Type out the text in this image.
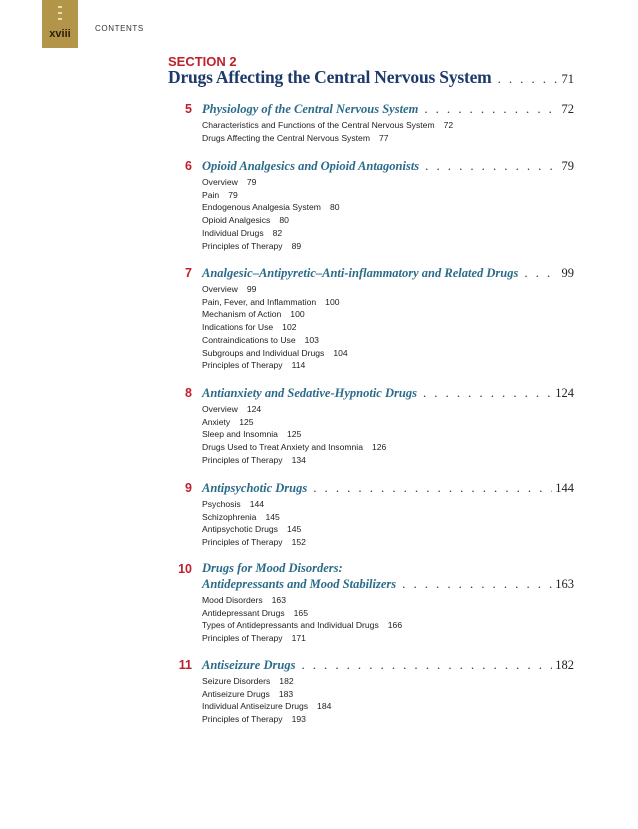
xviii	CONTENTS
SECTION 2
Drugs Affecting the Central Nervous System . . .	71
5 Physiology of the Central Nervous System . . .	72
Characteristics and Functions of the Central Nervous System 72
Drugs Affecting the Central Nervous System 77
6 Opioid Analgesics and Opioid Antagonists . . .	79
Overview 79
Pain 79
Endogenous Analgesia System 80
Opioid Analgesics 80
Individual Drugs 82
Principles of Therapy 89
7 Analgesic–Antipyretic–Anti-inflammatory and Related Drugs . . .	99
Overview 99
Pain, Fever, and Inflammation 100
Mechanism of Action 100
Indications for Use 102
Contraindications to Use 103
Subgroups and Individual Drugs 104
Principles of Therapy 114
8 Antianxiety and Sedative-Hypnotic Drugs . . .	124
Overview 124
Anxiety 125
Sleep and Insomnia 125
Drugs Used to Treat Anxiety and Insomnia 126
Principles of Therapy 134
9 Antipsychotic Drugs . . .	144
Psychosis 144
Schizophrenia 145
Antipsychotic Drugs 145
Principles of Therapy 152
10 Drugs for Mood Disorders:
Antidepressants and Mood Stabilizers . . .	163
Mood Disorders 163
Antidepressant Drugs 165
Types of Antidepressants and Individual Drugs 166
Principles of Therapy 171
11 Antiseizure Drugs . . .	182
Seizure Disorders 182
Antiseizure Drugs 183
Individual Antiseizure Drugs 184
Principles of Therapy 193
